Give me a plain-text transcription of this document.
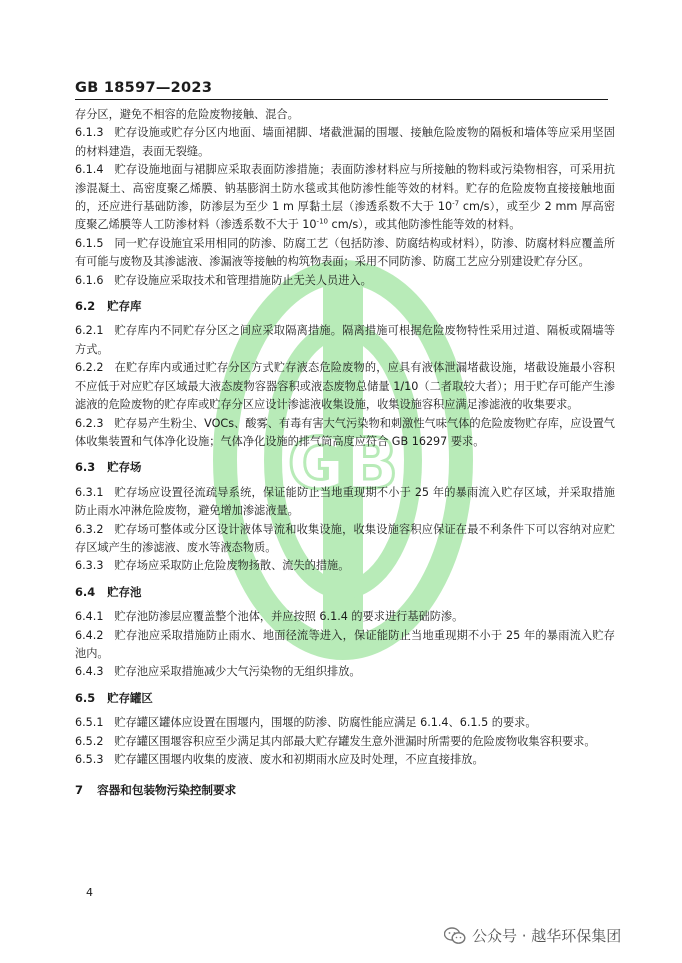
GB
GB 18597—2023

存分区，避免不相容的危险废物接触、混合。

6.1.3 贮存设施或贮存分区内地面、墙面裙脚、堵截泄漏的围堰、接触危险废物的隔板和墙体等应采用坚固的材料建造，表面无裂缝。

6.1.4 贮存设施地面与裙脚应采取表面防渗措施；表面防渗材料应与所接触的物料或污染物相容，可采用抗渗混凝土、高密度聚乙烯膜、钠基膨润土防水毯或其他防渗性能等效的材料。贮存的危险废物直接接触地面的，还应进行基础防渗，防渗层为至少 1 m 厚黏土层（渗透系数不大于 $10^{-7}$ cm/s），或至少 2 mm 厚高密度聚乙烯膜等人工防渗材料（渗透系数不大于 $10^{-10}$ cm/s），或其他防渗性能等效的材料。

6.1.5 同一贮存设施宜采用相同的防渗、防腐工艺（包括防渗、防腐结构或材料），防渗、防腐材料应覆盖所有可能与废物及其渗滤液、渗漏液等接触的构筑物表面；采用不同防渗、防腐工艺应分别建设贮存分区。

6.1.6 贮存设施应采取技术和管理措施防止无关人员进入。

6.2 贮存库

6.2.1 贮存库内不同贮存分区之间应采取隔离措施。隔离措施可根据危险废物特性采用过道、隔板或隔墙等方式。

6.2.2 在贮存库内或通过贮存分区方式贮存液态危险废物的，应具有液体泄漏堵截设施，堵截设施最小容积不应低于对应贮存区域最大液态废物容器容积或液态废物总储量 1/10（二者取较大者）；用于贮存可能产生渗滤液的危险废物的贮存库或贮存分区应设计渗滤液收集设施，收集设施容积应满足渗滤液的收集要求。

6.2.3 贮存易产生粉尘、VOCs、酸雾、有毒有害大气污染物和刺激性气味气体的危险废物贮存库，应设置气体收集装置和气体净化设施；气体净化设施的排气筒高度应符合 GB 16297 要求。

6.3 贮存场

6.3.1 贮存场应设置径流疏导系统，保证能防止当地重现期不小于 25 年的暴雨流入贮存区域，并采取措施防止雨水冲淋危险废物，避免增加渗滤液量。

6.3.2 贮存场可整体或分区设计液体导流和收集设施，收集设施容积应保证在最不利条件下可以容纳对应贮存区域产生的渗滤液、废水等液态物质。

6.3.3 贮存场应采取防止危险废物扬散、流失的措施。

6.4 贮存池

6.4.1 贮存池防渗层应覆盖整个池体，并应按照 6.1.4 的要求进行基础防渗。

6.4.2 贮存池应采取措施防止雨水、地面径流等进入，保证能防止当地重现期不小于 25 年的暴雨流入贮存池内。

6.4.3 贮存池应采取措施减少大气污染物的无组织排放。

6.5 贮存罐区

6.5.1 贮存罐区罐体应设置在围堰内，围堰的防渗、防腐性能应满足 6.1.4、6.1.5 的要求。

6.5.2 贮存罐区围堰容积应至少满足其内部最大贮存罐发生意外泄漏时所需要的危险废物收集容积要求。

6.5.3 贮存罐区围堰内收集的废液、废水和初期雨水应及时处理，不应直接排放。

7 容器和包装物污染控制要求

4
公众号 · 越华环保集团
